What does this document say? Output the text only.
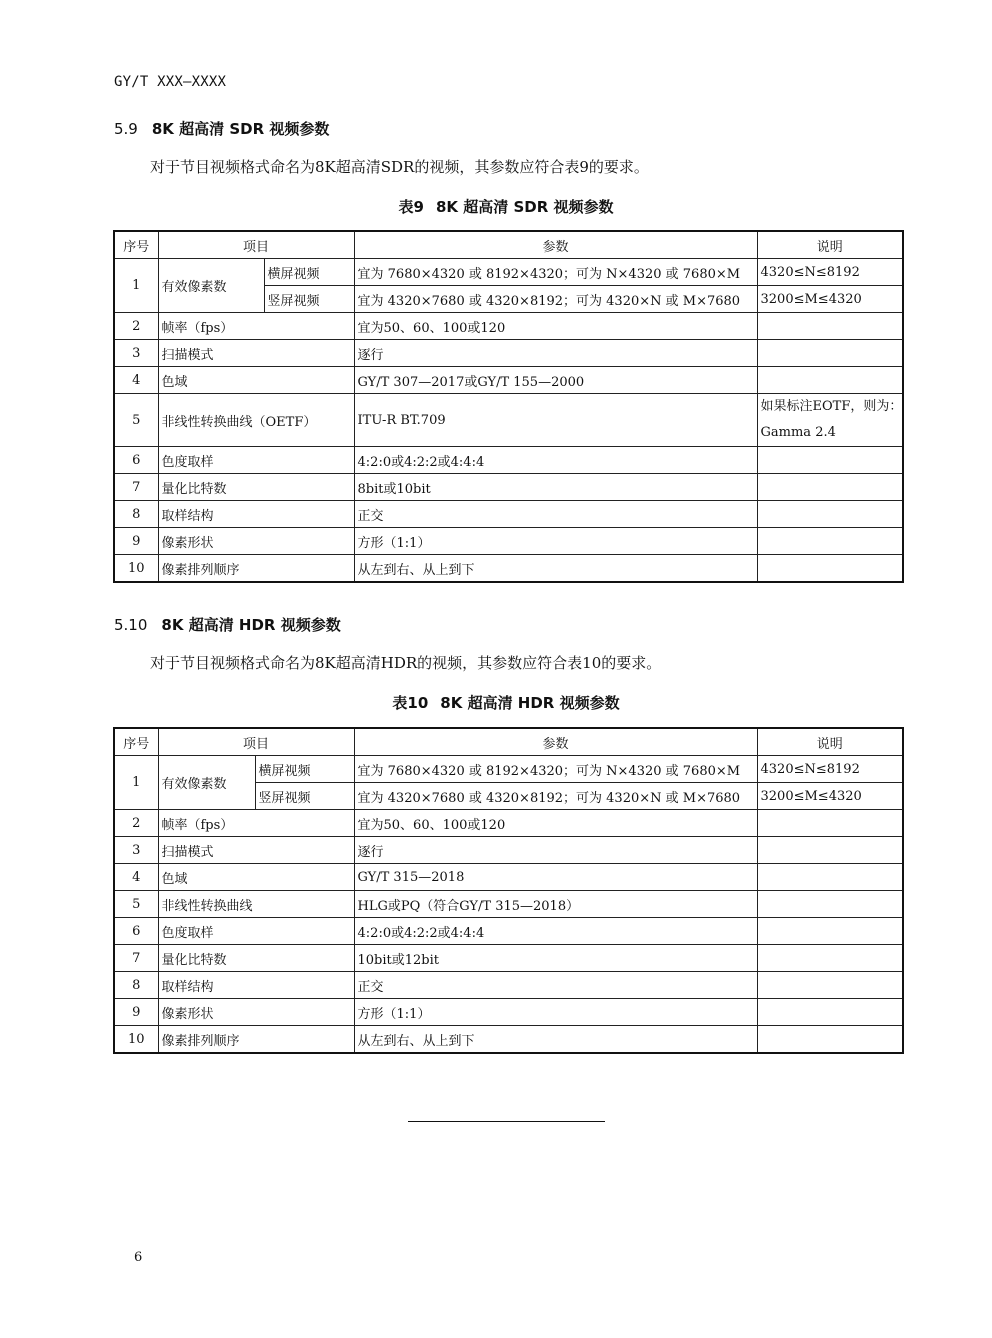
GY/T XXX—XXXX
5.9 8K 超高清 SDR 视频参数
对于节目视频格式命名为8K超高清SDR的视频，其参数应符合表9的要求。
表9 8K 超高清 SDR 视频参数
序号	项目		参数	说明
1	有效像素数	横屏视频	宜为 7680×4320 或 8192×4320；可为 N×4320 或 7680×M	4320≤N≤8192
		竖屏视频	宜为 4320×7680 或 4320×8192；可为 4320×N 或 M×7680	3200≤M≤4320
2	帧率（fps）		宜为50、60、100或120	
3	扫描模式		逐行	
4	色域		GY/T 307—2017或GY/T 155—2000	
5	非线性转换曲线（OETF）		ITU-R BT.709	如果标注EOTF，则为：
Gamma 2.4

6	色度取样		4:2:0或4:2:2或4:4:4	
7	量化比特数		8bit或10bit	
8	取样结构		正交	
9	像素形状		方形（1:1）	
10	像素排列顺序		从左到右、从上到下	
5.10 8K 超高清 HDR 视频参数
对于节目视频格式命名为8K超高清HDR的视频，其参数应符合表10的要求。
表10 8K 超高清 HDR 视频参数
序号	项目		参数	说明
1	有效像素数	横屏视频	宜为 7680×4320 或 8192×4320；可为 N×4320 或 7680×M	4320≤N≤8192
		竖屏视频	宜为 4320×7680 或 4320×8192；可为 4320×N 或 M×7680	3200≤M≤4320
2	帧率（fps）		宜为50、60、100或120	
3	扫描模式		逐行	
4	色域		GY/T 315—2018	
5	非线性转换曲线		HLG或PQ（符合GY/T 315—2018）	
6	色度取样		4:2:0或4:2:2或4:4:4	
7	量化比特数		10bit或12bit	
8	取样结构		正交	
9	像素形状		方形（1:1）	
10	像素排列顺序		从左到右、从上到下	
6
